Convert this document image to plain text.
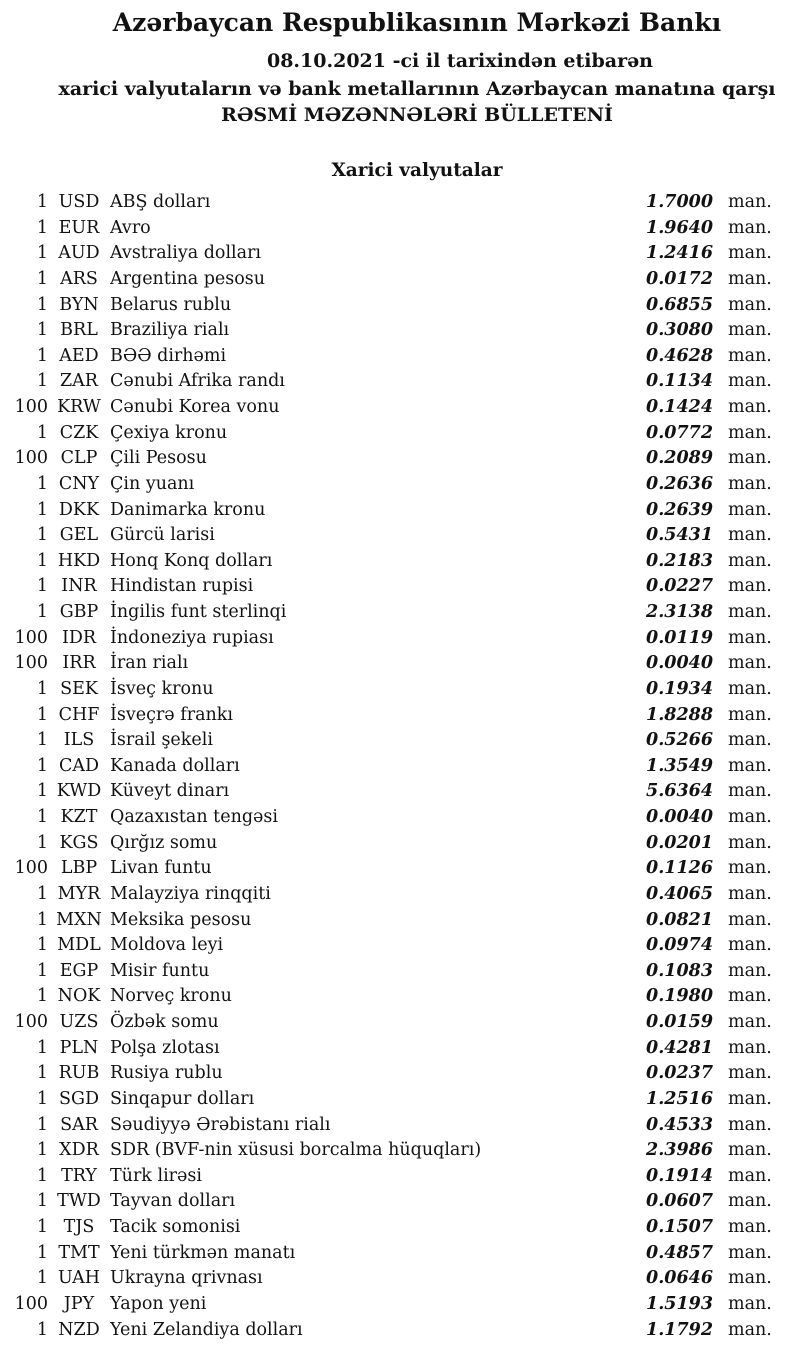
Azərbaycan Respublikasının Mərkəzi Bankı
08.10.2021 -ci il tarixindən etibarən
xarici valyutaların və bank metallarının Azərbaycan manatına qarşı
RƏSMİ MƏZƏNNƏLƏRİ BÜLLETENİ
Xarici valyutalar
1 USD ABŞ dolları	1.7000 man.
1 EUR Avro	1.9640 man.
1 AUD Avstraliya dolları	1.2416 man.
1 ARS Argentina pesosu	0.0172 man.
1 BYN Belarus rublu	0.6855 man.
1 BRL Braziliya rialı	0.3080 man.
1 AED BƏƏ dirhəmi	0.4628 man.
1 ZAR Cənubi Afrika randı	0.1134 man.
100 KRW Cənubi Korea vonu	0.1424 man.
1 CZK Çexiya kronu	0.0772 man.
100 CLP Çili Pesosu	0.2089 man.
1 CNY Çin yuanı	0.2636 man.
1 DKK Danimarka kronu	0.2639 man.
1 GEL Gürcü larisi	0.5431 man.
1 HKD Honq Konq dolları	0.2183 man.
1 INR Hindistan rupisi	0.0227 man.
1 GBP İngilis funt sterlinqi	2.3138 man.
100 IDR İndoneziya rupiası	0.0119 man.
100 IRR İran rialı	0.0040 man.
1 SEK İsveç kronu	0.1934 man.
1 CHF İsveçrə frankı	1.8288 man.
1 ILS İsrail şekeli	0.5266 man.
1 CAD Kanada dolları	1.3549 man.
1 KWD Küveyt dinarı	5.6364 man.
1 KZT Qazaxıstan tengəsi	0.0040 man.
1 KGS Qırğız somu	0.0201 man.
100 LBP Livan funtu	0.1126 man.
1 MYR Malayziya rinqqiti	0.4065 man.
1 MXN Meksika pesosu	0.0821 man.
1 MDL Moldova leyi	0.0974 man.
1 EGP Misir funtu	0.1083 man.
1 NOK Norveç kronu	0.1980 man.
100 UZS Özbək somu	0.0159 man.
1 PLN Polşa zlotası	0.4281 man.
1 RUB Rusiya rublu	0.0237 man.
1 SGD Sinqapur dolları	1.2516 man.
1 SAR Səudiyyə Ərəbistanı rialı	0.4533 man.
1 XDR SDR (BVF-nin xüsusi borcalma hüquqları)	2.3986 man.
1 TRY Türk lirəsi	0.1914 man.
1 TWD Tayvan dolları	0.0607 man.
1 TJS Tacik somonisi	0.1507 man.
1 TMT Yeni türkmən manatı	0.4857 man.
1 UAH Ukrayna qrivnası	0.0646 man.
100 JPY Yapon yeni	1.5193 man.
1 NZD Yeni Zelandiya dolları	1.1792 man.
